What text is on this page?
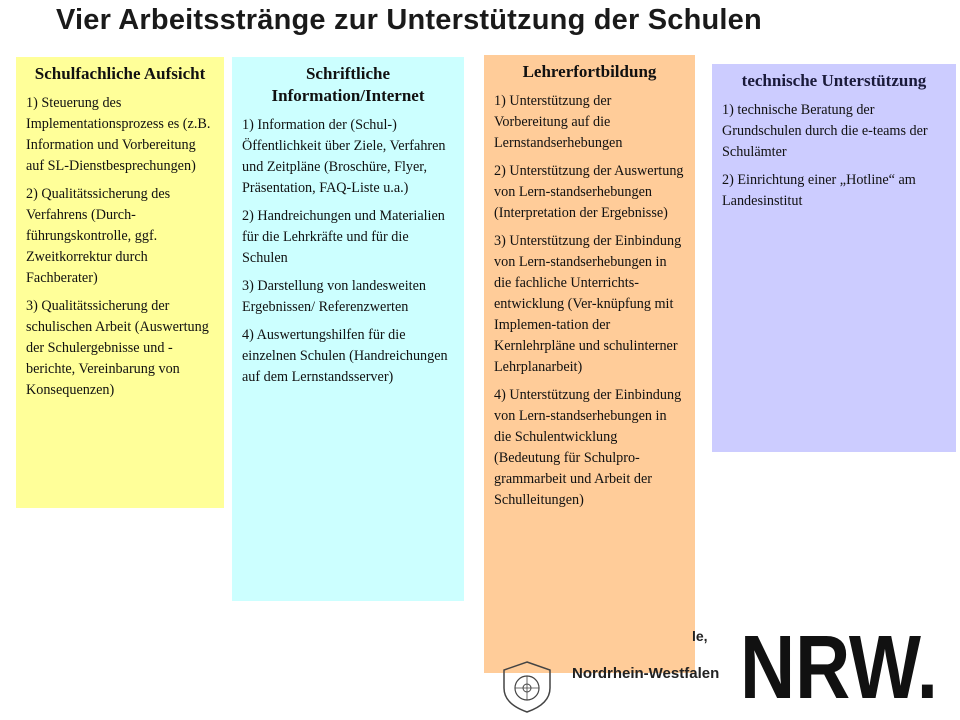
Vier Arbeitsstränge zur Unterstützung der Schulen
Schulfachliche Aufsicht

1) Steuerung des Implementationsprozess es (z.B. Information und Vorbereitung auf SL-Dienstbesprechungen)

2) Qualitätssicherung des Verfahrens (Durch-führungskontrolle, ggf. Zweitkorrektur durch Fachberater)

3) Qualitätssicherung der schulischen Arbeit (Auswertung der Schulergebnisse und -berichte, Vereinbarung von Konsequenzen)

Schriftliche Information/Internet

1) Information der (Schul-) Öffentlichkeit über Ziele, Verfahren und Zeitpläne (Broschüre, Flyer, Präsentation, FAQ-Liste u.a.)

2) Handreichungen und Materialien für die Lehrkräfte und für die Schulen

3) Darstellung von landesweiten Ergebnissen/ Referenzwerten

4) Auswertungshilfen für die einzelnen Schulen (Handreichungen auf dem Lernstandsserver)

Lehrerfortbildung

1) Unterstützung der Vorbereitung auf die Lernstandserhebungen

2) Unterstützung der Auswertung von Lern-standserhebungen (Interpretation der Ergebnisse)

3) Unterstützung der Einbindung von Lern-standserhebungen in die fachliche Unterrichts-entwicklung (Ver-knüpfung mit Implemen-tation der Kernlehrpläne und schulinterner Lehrplanarbeit)

4) Unterstützung der Einbindung von Lern-standserhebungen in die Schulentwicklung (Bedeutung für Schulpro-grammarbeit und Arbeit der Schulleitungen)

technische Unterstützung

1) technische Beratung der Grundschulen durch die e-teams der Schulämter

2) Einrichtung einer „Hotline“ am Landesinstitut

le,
Nordrhein-Westfalen NRW.
